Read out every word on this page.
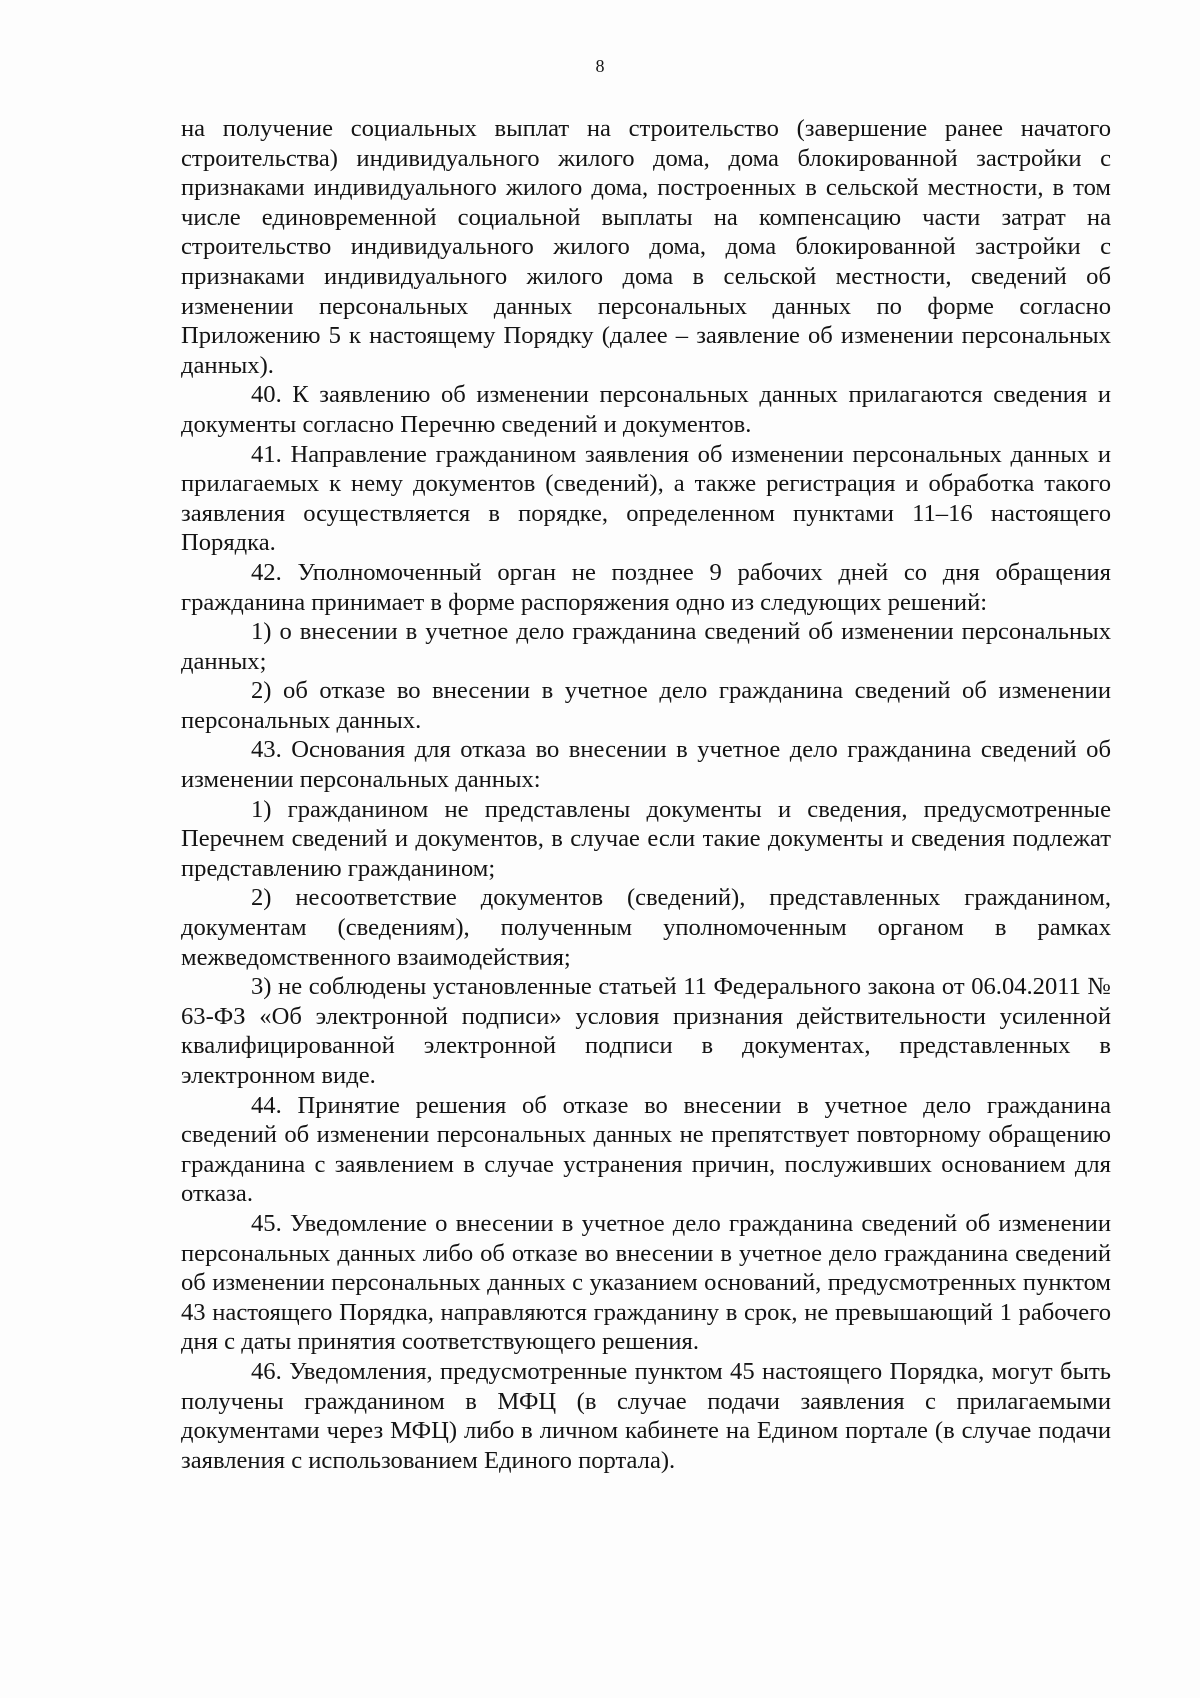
8

на получение социальных выплат на строительство (завершение ранее начатого строительства) индивидуального жилого дома, дома блокированной застройки с признаками индивидуального жилого дома, построенных в сельской местности, в том числе единовременной социальной выплаты на компенсацию части затрат на строительство индивидуального жилого дома, дома блокированной застройки с признаками индивидуального жилого дома в сельской местности, сведений об изменении персональных данных персональных данных по форме согласно Приложению 5 к настоящему Порядку (далее – заявление об изменении персональных данных).

40. К заявлению об изменении персональных данных прилагаются сведения и документы согласно Перечню сведений и документов.

41. Направление гражданином заявления об изменении персональных данных и прилагаемых к нему документов (сведений), а также регистрация и обработка такого заявления осуществляется в порядке, определенном пунктами 11–16 настоящего Порядка.

42. Уполномоченный орган не позднее 9 рабочих дней со дня обращения гражданина принимает в форме распоряжения одно из следующих решений:

1) о внесении в учетное дело гражданина сведений об изменении персональных данных;

2) об отказе во внесении в учетное дело гражданина сведений об изменении персональных данных.

43. Основания для отказа во внесении в учетное дело гражданина сведений об изменении персональных данных:

1) гражданином не представлены документы и сведения, предусмотренные Перечнем сведений и документов, в случае если такие документы и сведения подлежат представлению гражданином;

2) несоответствие документов (сведений), представленных гражданином, документам (сведениям), полученным уполномоченным органом в рамках межведомственного взаимодействия;

3) не соблюдены установленные статьей 11 Федерального закона от 06.04.2011 № 63-ФЗ «Об электронной подписи» условия признания действительности усиленной квалифицированной электронной подписи в документах, представленных в электронном виде.

44. Принятие решения об отказе во внесении в учетное дело гражданина сведений об изменении персональных данных не препятствует повторному обращению гражданина с заявлением в случае устранения причин, послуживших основанием для отказа.

45. Уведомление о внесении в учетное дело гражданина сведений об изменении персональных данных либо об отказе во внесении в учетное дело гражданина сведений об изменении персональных данных с указанием оснований, предусмотренных пунктом 43 настоящего Порядка, направляются гражданину в срок, не превышающий 1 рабочего дня с даты принятия соответствующего решения.

46. Уведомления, предусмотренные пунктом 45 настоящего Порядка, могут быть получены гражданином в МФЦ (в случае подачи заявления с прилагаемыми документами через МФЦ) либо в личном кабинете на Едином портале (в случае подачи заявления с использованием Единого портала).
